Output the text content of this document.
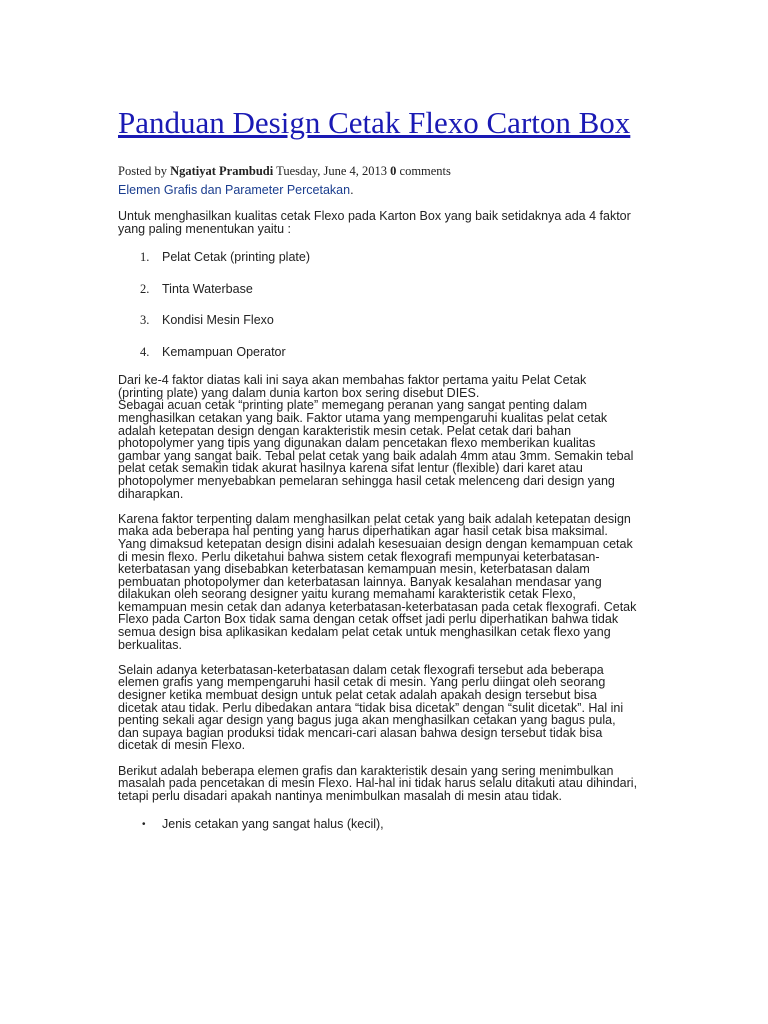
Panduan Design Cetak Flexo Carton Box
Posted by Ngatiyat Prambudi Tuesday, June 4, 2013 0 comments
Elemen Grafis dan Parameter Percetakan.

Untuk menghasilkan kualitas cetak Flexo pada Karton Box yang baik setidaknya ada 4 faktor

yang paling menentukan yaitu :

1.	Pelat Cetak (printing plate)
2.	Tinta Waterbase
3.	Kondisi Mesin Flexo
4.	Kemampuan Operator

Dari ke-4 faktor diatas kali ini saya akan membahas faktor pertama yaitu Pelat Cetak

(printing plate) yang dalam dunia karton box sering disebut DIES.

Sebagai acuan cetak “printing plate” memegang peranan yang sangat penting dalam

menghasilkan cetakan yang baik. Faktor utama yang mempengaruhi kualitas pelat cetak

adalah ketepatan design dengan karakteristik mesin cetak. Pelat cetak dari bahan

photopolymer yang tipis yang digunakan dalam pencetakan flexo memberikan kualitas

gambar yang sangat baik. Tebal pelat cetak yang baik adalah 4mm atau 3mm. Semakin tebal

pelat cetak semakin tidak akurat hasilnya karena sifat lentur (flexible) dari karet atau

photopolymer menyebabkan pemelaran sehingga hasil cetak melenceng dari design yang

diharapkan.

Karena faktor terpenting dalam menghasilkan pelat cetak yang baik adalah ketepatan design

maka ada beberapa hal penting yang harus diperhatikan agar hasil cetak bisa maksimal.

Yang dimaksud ketepatan design disini adalah kesesuaian design dengan kemampuan cetak

di mesin flexo. Perlu diketahui bahwa sistem cetak flexografi mempunyai keterbatasan-

keterbatasan yang disebabkan keterbatasan kemampuan mesin, keterbatasan dalam

pembuatan photopolymer dan keterbatasan lainnya. Banyak kesalahan mendasar yang

dilakukan oleh seorang designer yaitu kurang memahami karakteristik cetak Flexo,

kemampuan mesin cetak dan adanya keterbatasan-keterbatasan pada cetak flexografi. Cetak

Flexo pada Carton Box tidak sama dengan cetak offset jadi perlu diperhatikan bahwa tidak

semua design bisa aplikasikan kedalam pelat cetak untuk menghasilkan cetak flexo yang

berkualitas.

Selain adanya keterbatasan-keterbatasan dalam cetak flexografi tersebut ada beberapa

elemen grafis yang mempengaruhi hasil cetak di mesin. Yang perlu diingat oleh seorang

designer ketika membuat design untuk pelat cetak adalah apakah design tersebut bisa

dicetak atau tidak. Perlu dibedakan antara “tidak bisa dicetak” dengan “sulit dicetak”. Hal ini

penting sekali agar design yang bagus juga akan menghasilkan cetakan yang bagus pula,

dan supaya bagian produksi tidak mencari-cari alasan bahwa design tersebut tidak bisa

dicetak di mesin Flexo.

Berikut adalah beberapa elemen grafis dan karakteristik desain yang sering menimbulkan

masalah pada pencetakan di mesin Flexo. Hal-hal ini tidak harus selalu ditakuti atau dihindari,

tetapi perlu disadari apakah nantinya menimbulkan masalah di mesin atau tidak.

•	Jenis cetakan yang sangat halus (kecil),
